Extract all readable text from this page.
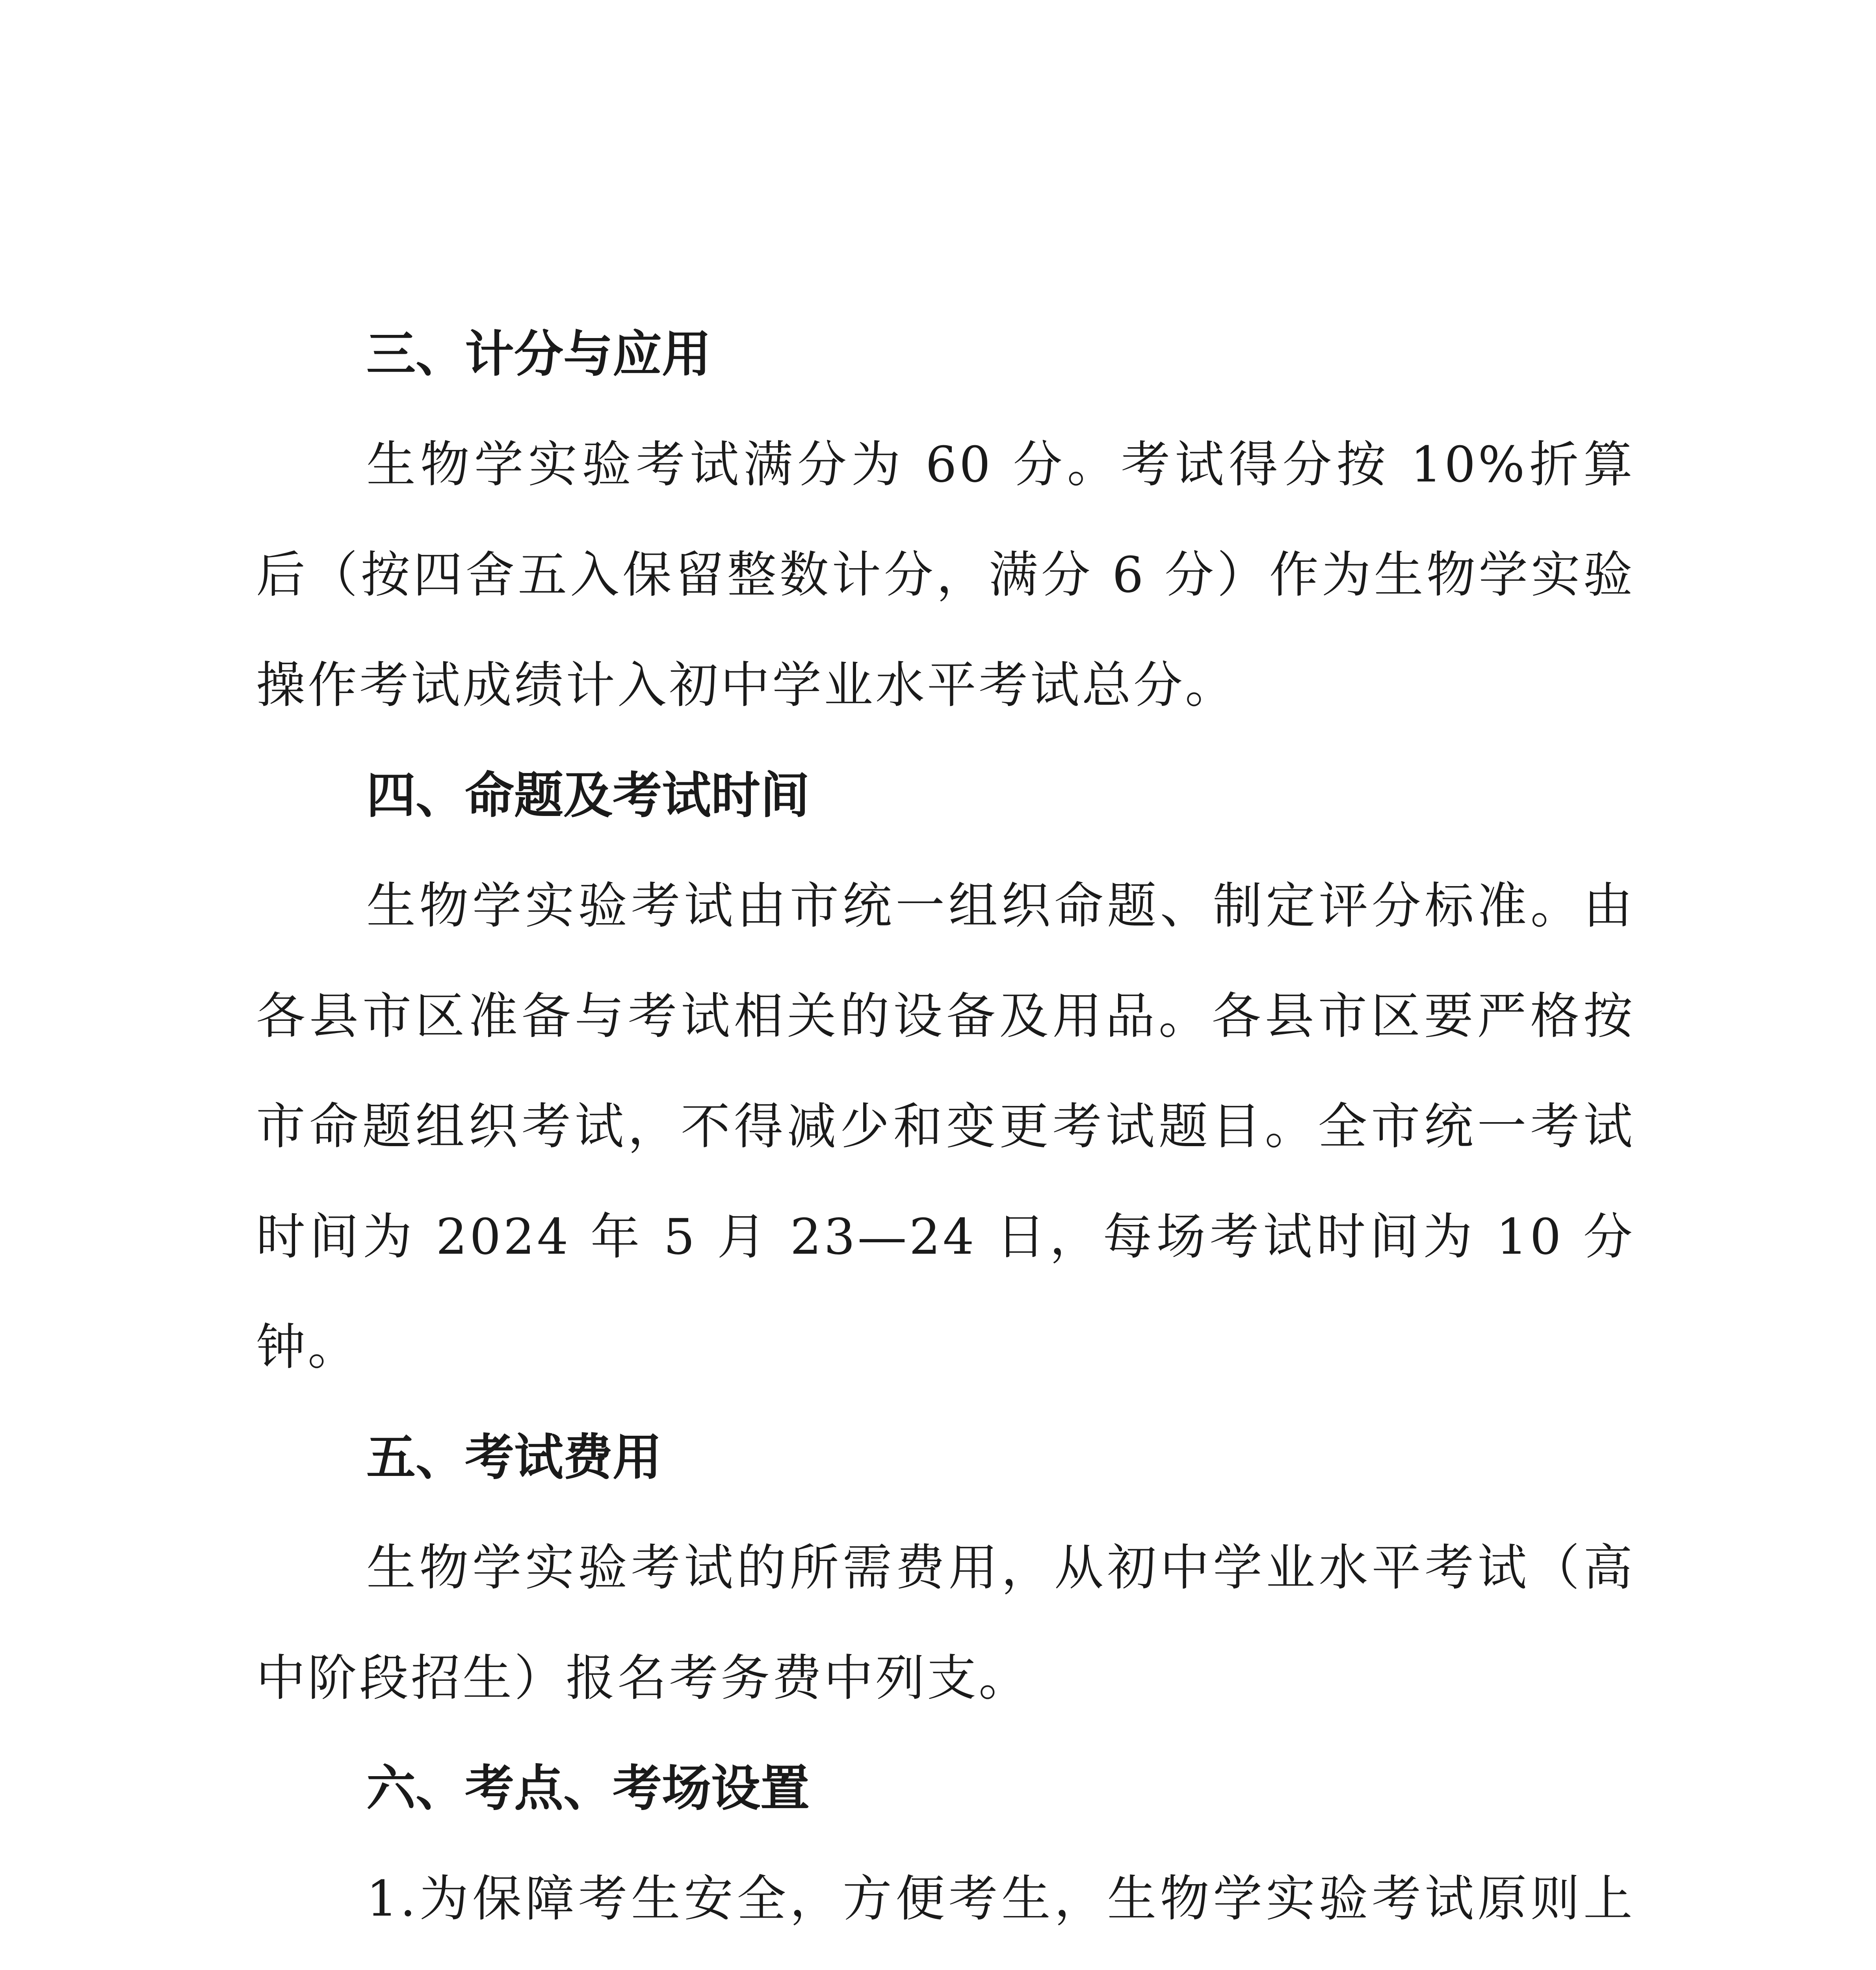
三、计分与应用

生物学实验考试满分为 60 分。考试得分按 10%折算后（按四舍五入保留整数计分，满分 6 分）作为生物学实验操作考试成绩计入初中学业水平考试总分。

四、命题及考试时间

生物学实验考试由市统一组织命题、制定评分标准。由各县市区准备与考试相关的设备及用品。各县市区要严格按市命题组织考试，不得减少和变更考试题目。全市统一考试时间为 2024 年 5 月 23—24 日，每场考试时间为 10 分钟。

五、考试费用

生物学实验考试的所需费用，从初中学业水平考试（高中阶段招生）报名考务费中列支。

六、考点、考场设置

1.为保障考生安全，方便考生，生物学实验考试原则上
